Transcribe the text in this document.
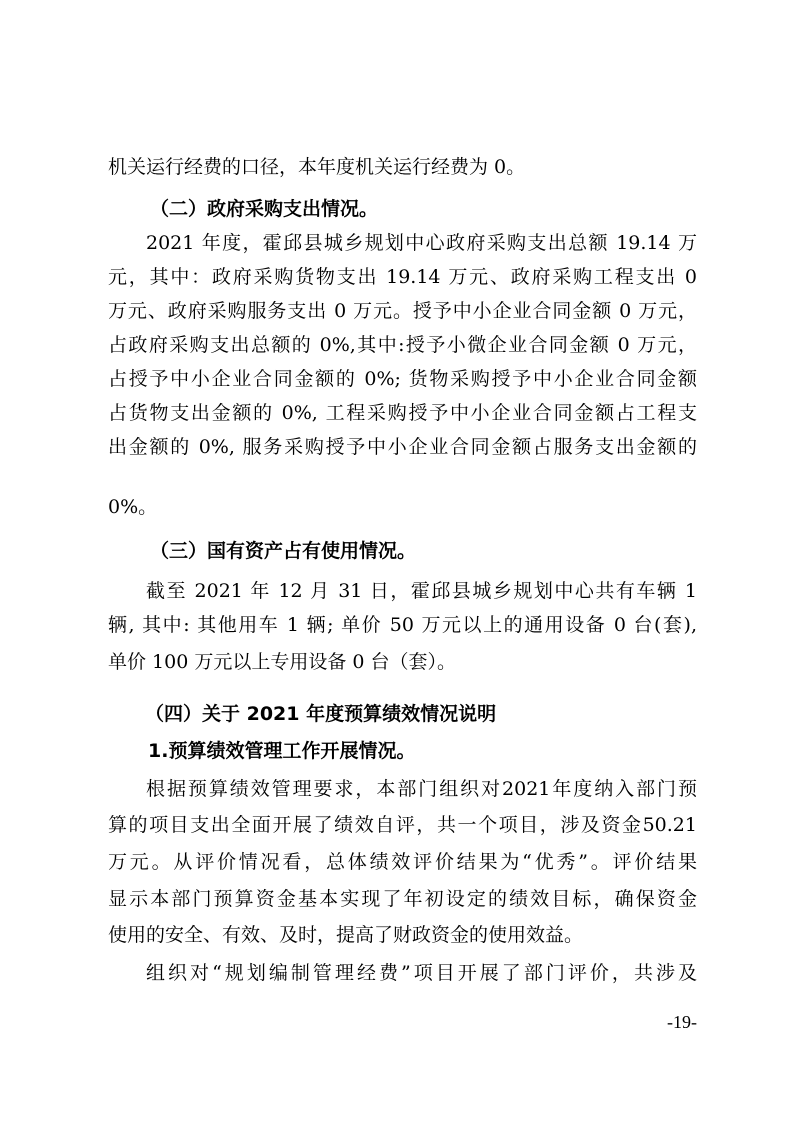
机关运行经费的口径，本年度机关运行经费为 0。
（二）政府采购支出情况。
2021 年度，霍邱县城乡规划中心政府采购支出总额 19.14 万
元，其中：政府采购货物支出 19.14 万元、政府采购工程支出 0
万元、政府采购服务支出 0 万元。授予中小企业合同金额 0 万元，
占政府采购支出总额的 0%,其中:授予小微企业合同金额 0 万元，
占授予中小企业合同金额的 0%; 货物采购授予中小企业合同金额
占货物支出金额的 0%, 工程采购授予中小企业合同金额占工程支
出金额的 0%, 服务采购授予中小企业合同金额占服务支出金额的
0%。
（三）国有资产占有使用情况。
截至 2021 年 12 月 31 日，霍邱县城乡规划中心共有车辆 1
辆, 其中: 其他用车 1 辆; 单价 50 万元以上的通用设备 0 台(套),
单价 100 万元以上专用设备 0 台（套）。
（四）关于 2021 年度预算绩效情况说明
1.预算绩效管理工作开展情况。
根据预算绩效管理要求，本部门组织对2021年度纳入部门预
算的项目支出全面开展了绩效自评，共一个项目，涉及资金50.21
万元。从评价情况看，总体绩效评价结果为“优秀”。评价结果
显示本部门预算资金基本实现了年初设定的绩效目标，确保资金
使用的安全、有效、及时，提高了财政资金的使用效益。
组织对“规划编制管理经费”项目开展了部门评价，共涉及
-19-
